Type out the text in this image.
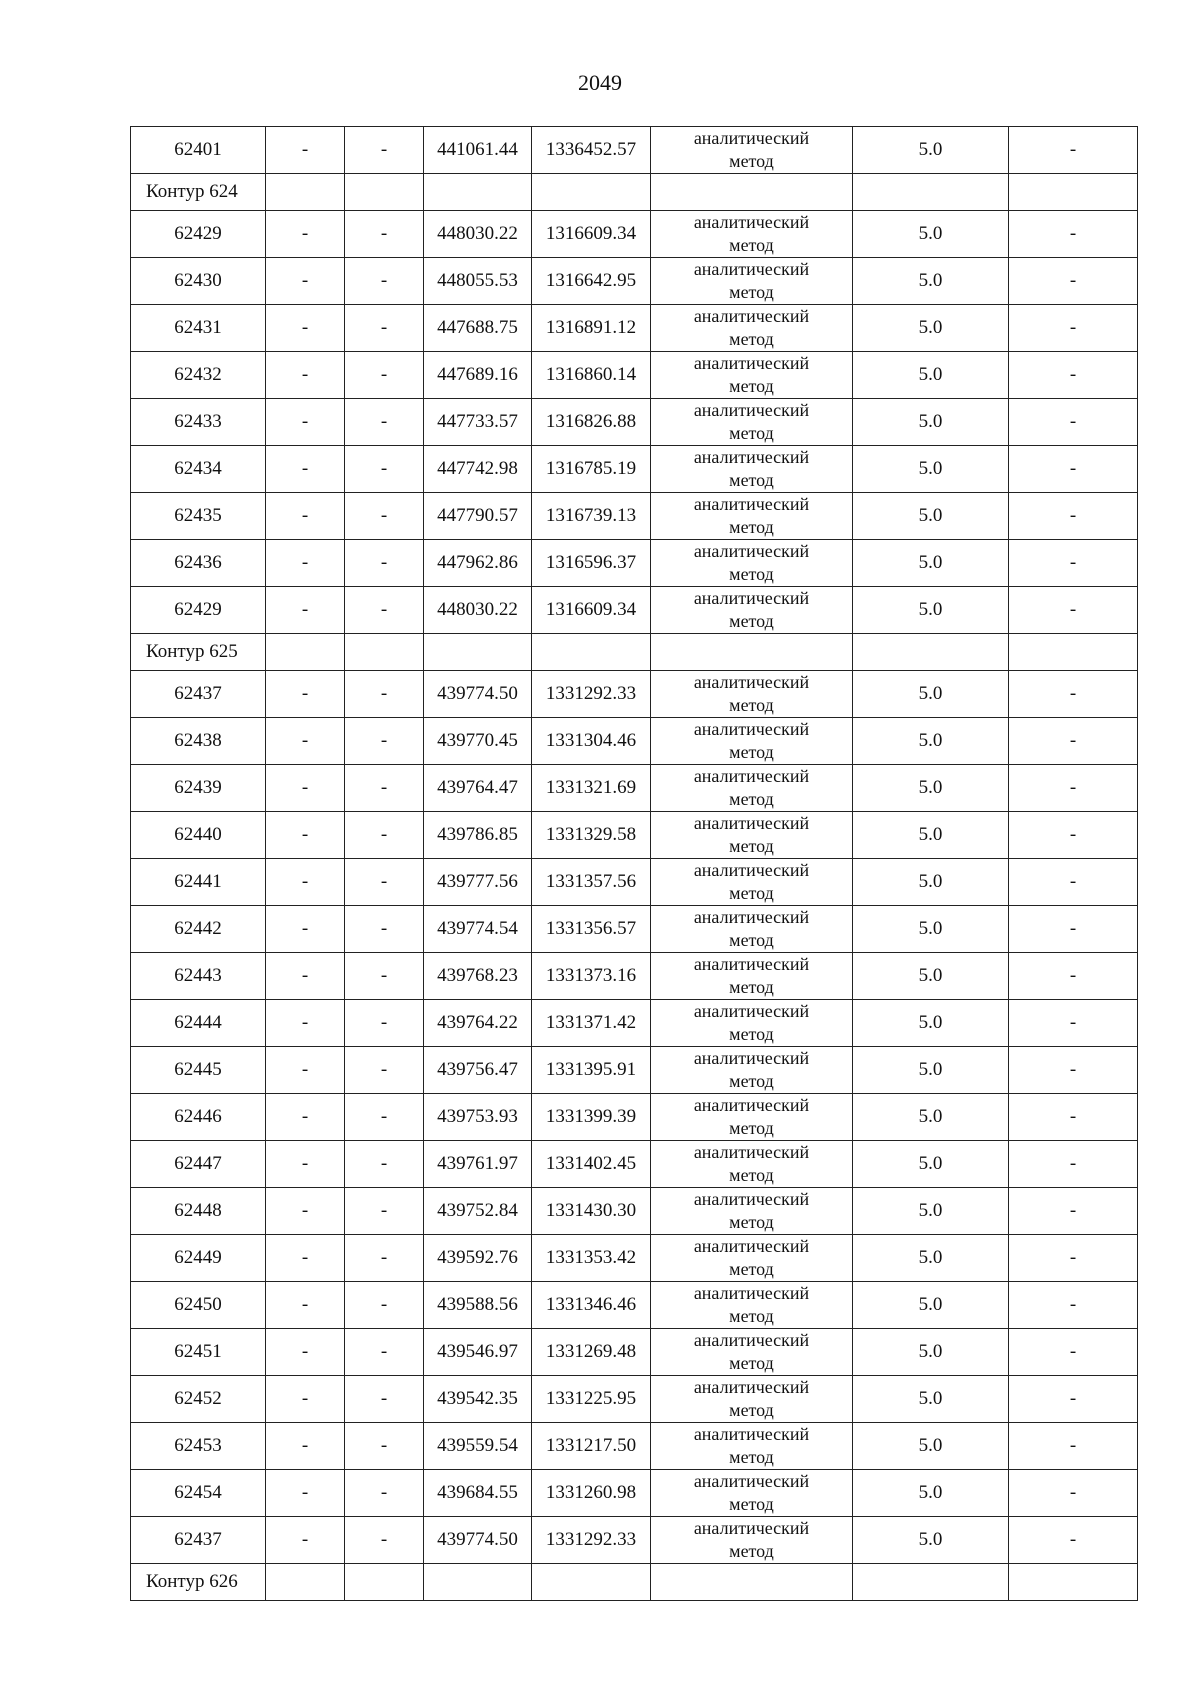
2049
62401	-	-	441061.44	1336452.57	аналитический
метод	5.0	-
Контур 624							
62429	-	-	448030.22	1316609.34	аналитический
метод	5.0	-
62430	-	-	448055.53	1316642.95	аналитический
метод	5.0	-
62431	-	-	447688.75	1316891.12	аналитический
метод	5.0	-
62432	-	-	447689.16	1316860.14	аналитический
метод	5.0	-
62433	-	-	447733.57	1316826.88	аналитический
метод	5.0	-
62434	-	-	447742.98	1316785.19	аналитический
метод	5.0	-
62435	-	-	447790.57	1316739.13	аналитический
метод	5.0	-
62436	-	-	447962.86	1316596.37	аналитический
метод	5.0	-
62429	-	-	448030.22	1316609.34	аналитический
метод	5.0	-
Контур 625							
62437	-	-	439774.50	1331292.33	аналитический
метод	5.0	-
62438	-	-	439770.45	1331304.46	аналитический
метод	5.0	-
62439	-	-	439764.47	1331321.69	аналитический
метод	5.0	-
62440	-	-	439786.85	1331329.58	аналитический
метод	5.0	-
62441	-	-	439777.56	1331357.56	аналитический
метод	5.0	-
62442	-	-	439774.54	1331356.57	аналитический
метод	5.0	-
62443	-	-	439768.23	1331373.16	аналитический
метод	5.0	-
62444	-	-	439764.22	1331371.42	аналитический
метод	5.0	-
62445	-	-	439756.47	1331395.91	аналитический
метод	5.0	-
62446	-	-	439753.93	1331399.39	аналитический
метод	5.0	-
62447	-	-	439761.97	1331402.45	аналитический
метод	5.0	-
62448	-	-	439752.84	1331430.30	аналитический
метод	5.0	-
62449	-	-	439592.76	1331353.42	аналитический
метод	5.0	-
62450	-	-	439588.56	1331346.46	аналитический
метод	5.0	-
62451	-	-	439546.97	1331269.48	аналитический
метод	5.0	-
62452	-	-	439542.35	1331225.95	аналитический
метод	5.0	-
62453	-	-	439559.54	1331217.50	аналитический
метод	5.0	-
62454	-	-	439684.55	1331260.98	аналитический
метод	5.0	-
62437	-	-	439774.50	1331292.33	аналитический
метод	5.0	-
Контур 626							
